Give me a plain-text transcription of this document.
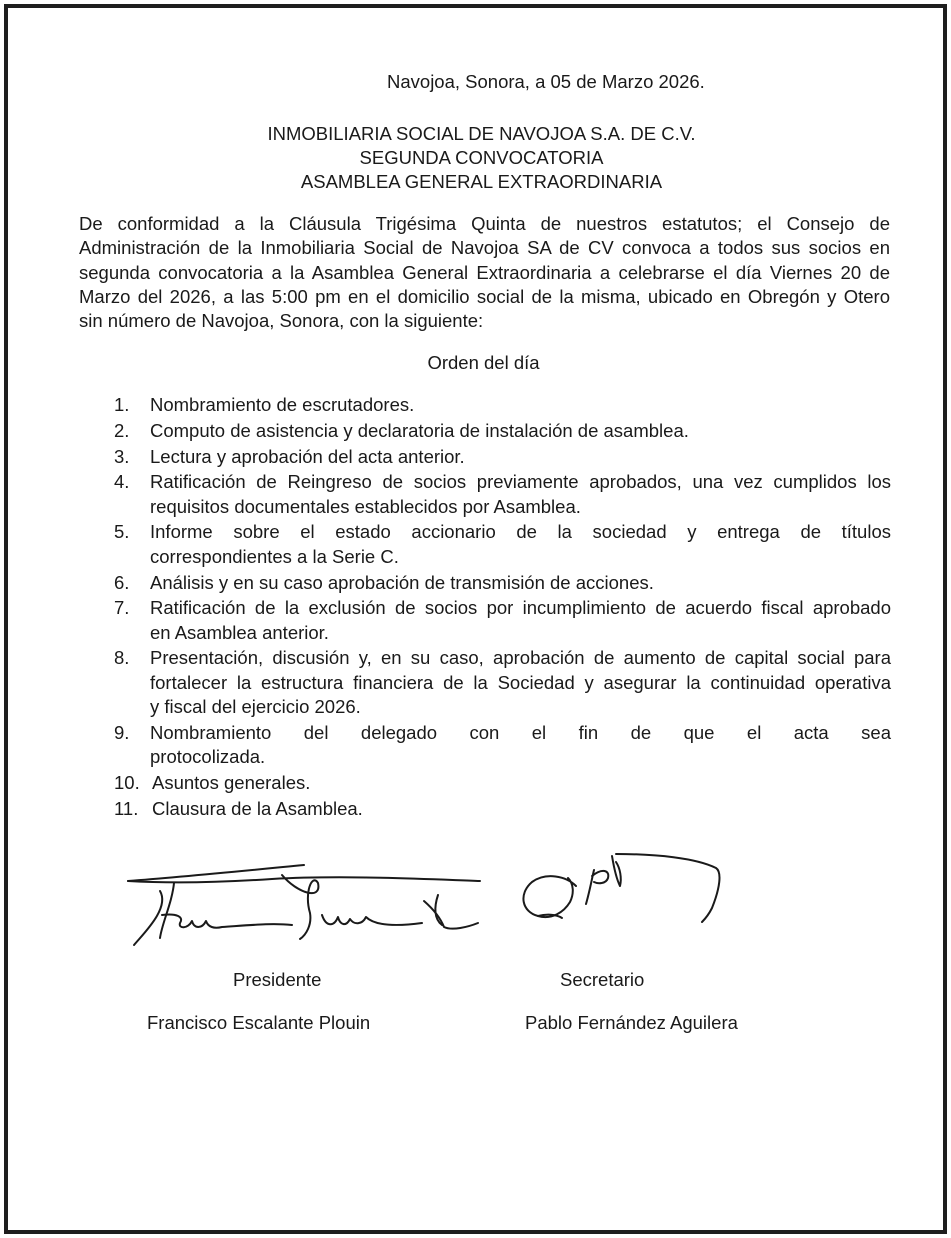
Navojoa, Sonora, a 05 de Marzo 2026.
INMOBILIARIA SOCIAL DE NAVOJOA S.A. DE C.V.
SEGUNDA CONVOCATORIA
ASAMBLEA GENERAL EXTRAORDINARIA
De conformidad a la Cláusula Trigésima Quinta de nuestros estatutos; el Consejo de
Administración de la Inmobiliaria Social de Navojoa SA de CV convoca a todos sus socios en
segunda convocatoria a la Asamblea General Extraordinaria a celebrarse el día Viernes 20 de
Marzo del 2026, a las 5:00 pm en el domicilio social de la misma, ubicado en Obregón y Otero
sin número de Navojoa, Sonora, con la siguiente:
Orden del día
1. Nombramiento de escrutadores.
2. Computo de asistencia y declaratoria de instalación de asamblea.
3. Lectura y aprobación del acta anterior.
4. Ratificación de Reingreso de socios previamente aprobados, una vez cumplidos los
requisitos documentales establecidos por Asamblea.
5. Informe sobre el estado accionario de la sociedad y entrega de títulos
correspondientes a la Serie C.
6. Análisis y en su caso aprobación de transmisión de acciones.
7. Ratificación de la exclusión de socios por incumplimiento de acuerdo fiscal aprobado
en Asamblea anterior.
8. Presentación, discusión y, en su caso, aprobación de aumento de capital social para
fortalecer la estructura financiera de la Sociedad y asegurar la continuidad operativa
y fiscal del ejercicio 2026.
9. Nombramiento del delegado con el fin de que el acta sea
protocolizada.
10. Asuntos generales.
11. Clausura de la Asamblea.
Presidente	Secretario
Francisco Escalante Plouin	Pablo Fernández Aguilera
